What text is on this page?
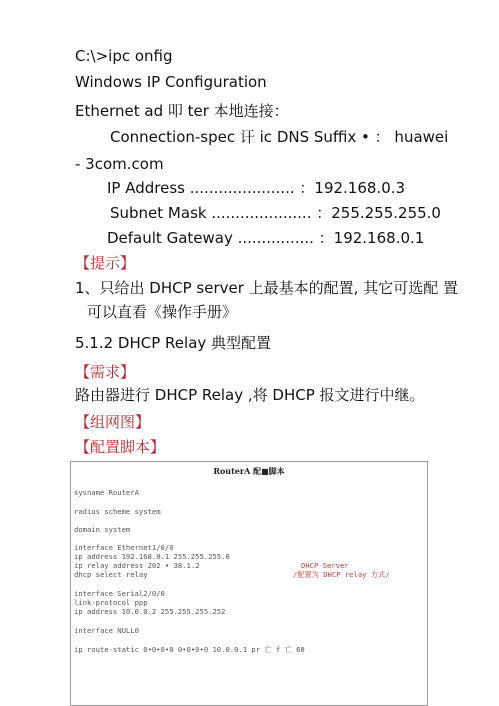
C:\>ipc onfig
Windows IP Configuration
Ethernet ad 叩 ter 本地连接：
Connection-spec 讦 ic DNS Suffix • ： huawei
- 3com.com
IP Address ...................... ：192.168.0.3
Subnet Mask ..................... ：255.255.255.0
Default Gateway ................ ：192.168.0.1
【提示】
1、只给出 DHCP server 上最基本的配置, 其它可选配 置
可以直看《操作手册》
5.1.2 DHCP Relay 典型配置
【需求】
路由器进行 DHCP Relay ,将 DHCP 报文进行中继。
【组网图】
【配置脚本】
RouterA 配■脚本
sysname RouterA
radius scheme system
domain system
interface Ethernet1/0/0
ip address 192.168.0.1 255.255.255.0
ip relay address 202 • 38.1.2
dhcp select relay
interface Serial2/0/0
link-protocol ppp
ip address 10.0.0.2 255.255.255.252
interface NULL0
ip route-static 0•0•0•0 0•0•0•0 10.0.0.1 pr 亡 f 亡 60
DHCP Server
/配置为 DHCP relay 方式/
